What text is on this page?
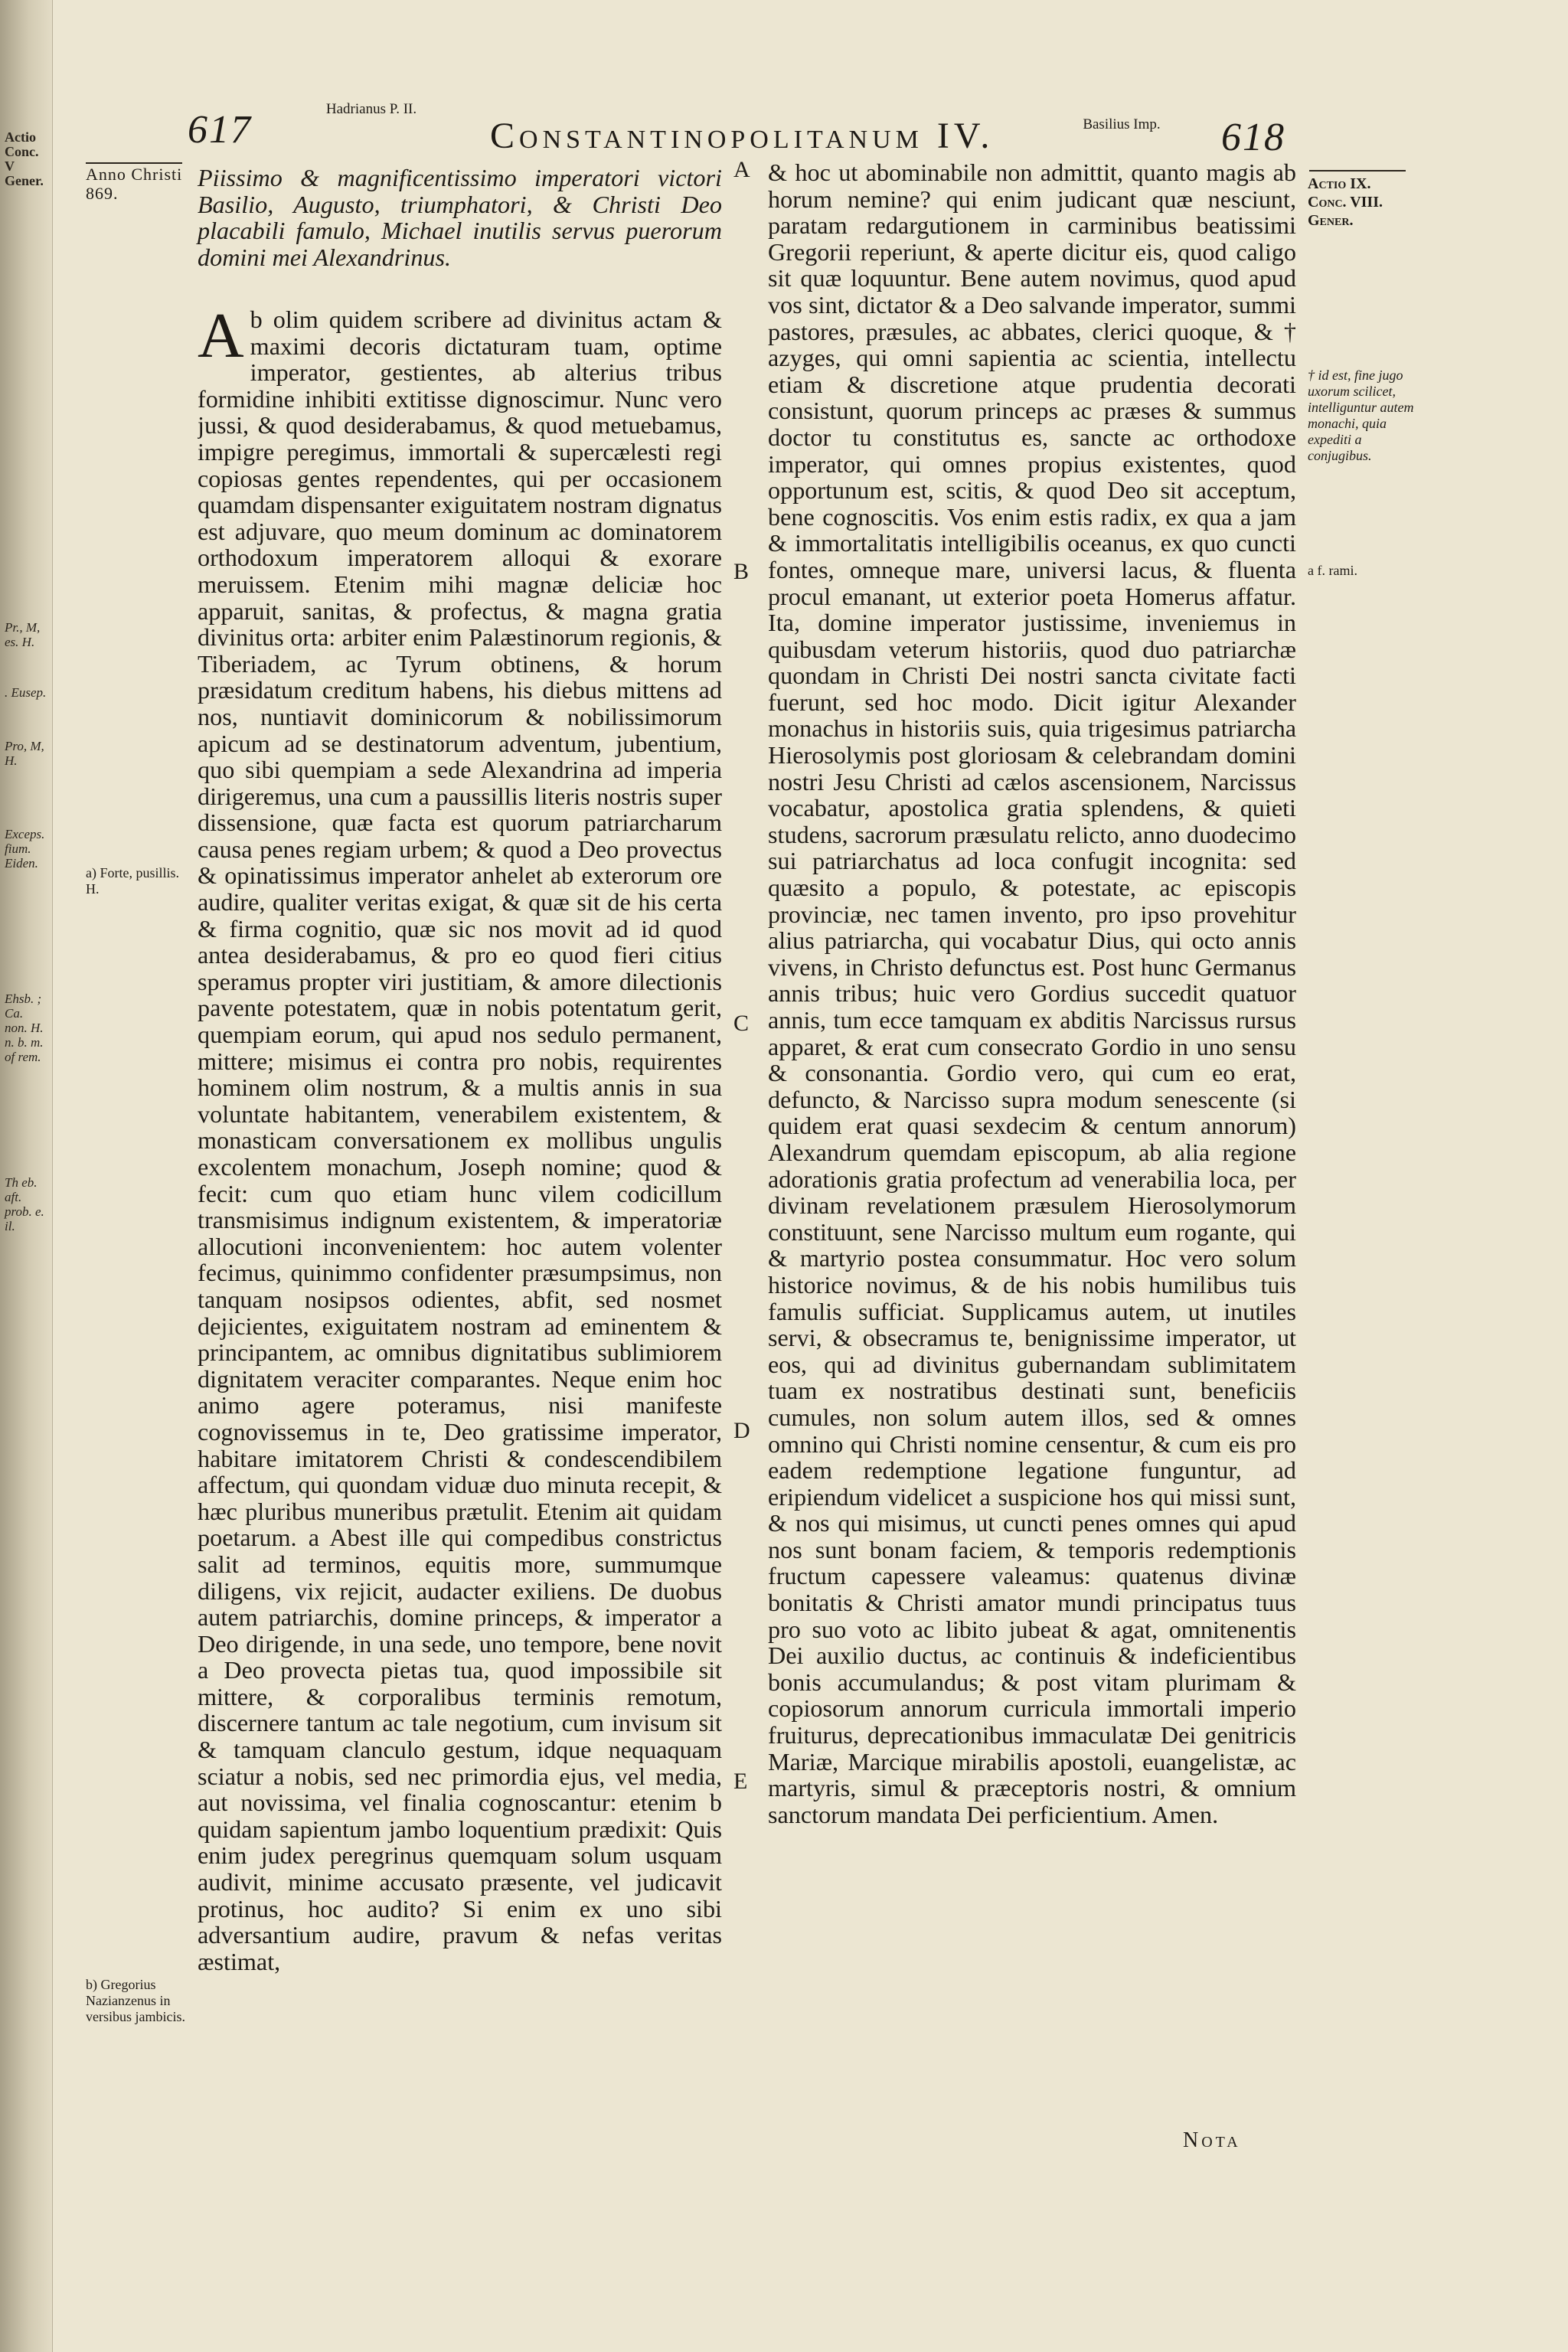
Actio Conc. V Gener.
Pr., M, es. H.
. Eusep.
Pro, M, H.
Exceps. fium. Eiden.
Ehsb. ; Ca. non. H. n. b. m. of rem.
Th eb. aft. prob. e. il.
617	Hadrianus P. II.
Constantinopolitanum IV.	Basilius Imp. 618
Anno Christi 869.	Actio IX. Conc. VIII. Gener.

Piissimo & magnificentissimo imperatori victori Basilio, Augusto, triumphatori, & Christi Deo placabili famulo, Michael inutilis servus puerorum domini mei Alexandrinus.

Ab olim quidem scribere ad divinitus actam & maximi decoris dictaturam tuam, optime imperator, gestientes, ab alterius tribus formidine inhibiti extitisse dignoscimur. Nunc vero jussi, & quod desiderabamus, & quod metuebamus, impigre peregimus, immortali & supercælesti regi copiosas gentes rependentes, qui per occasionem quamdam dispensanter exiguitatem nostram dignatus est adjuvare, quo meum dominum ac dominatorem orthodoxum imperatorem alloqui & exorare meruissem. Etenim mihi magnæ deliciæ hoc apparuit, sanitas, & profectus, & magna gratia divinitus orta: arbiter enim Palæstinorum regionis, & Tiberiadem, ac Tyrum obtinens, & horum præsidatum creditum habens, his diebus mittens ad nos, nuntiavit dominicorum & nobilissimorum apicum ad se destinatorum adventum, jubentium, quo sibi quempiam a sede Alexandrina ad imperia dirigeremus, una cum a paussillis literis nostris super dissensione, quæ facta est quorum patriarcharum causa penes regiam urbem; & quod a Deo provectus & opinatissimus imperator anhelet ab exterorum ore audire, qualiter veritas exigat, & quæ sit de his certa & firma cognitio, quæ sic nos movit ad id quod antea desiderabamus, & pro eo quod fieri citius speramus propter viri justitiam, & amore dilectionis pavente potestatem, quæ in nobis potentatum gerit, quempiam eorum, qui apud nos sedulo permanent, mittere; misimus ei contra pro nobis, requirentes hominem olim nostrum, & a multis annis in sua voluntate habitantem, venerabilem existentem, & monasticam conversationem ex mollibus ungulis excolentem monachum, Joseph nomine; quod & fecit: cum quo etiam hunc vilem codicillum transmisimus indignum existentem, & imperatoriæ allocutioni inconvenientem: hoc autem volenter fecimus, quinimmo confidenter præsumpsimus, non tanquam nosipsos odientes, abfit, sed nosmet dejicientes, exiguitatem nostram ad eminentem & principantem, ac omnibus dignitatibus sublimiorem dignitatem veraciter comparantes. Neque enim hoc animo agere poteramus, nisi manifeste cognovissemus in te, Deo gratissime imperator, habitare imitatorem Christi & condescendibilem affectum, qui quondam viduæ duo minuta recepit, & hæc pluribus muneribus prætulit. Etenim ait quidam poetarum. a Abest ille qui compedibus constrictus salit ad terminos, equitis more, summumque diligens, vix rejicit, audacter exiliens. De duobus autem patriarchis, domine princeps, & imperator a Deo dirigende, in una sede, uno tempore, bene novit a Deo provecta pietas tua, quod impossibile sit mittere, & corporalibus terminis remotum, discernere tantum ac tale negotium, cum invisum sit & tamquam clanculo gestum, idque nequaquam sciatur a nobis, sed nec primordia ejus, vel media, aut novissima, vel finalia cognoscantur: etenim b quidam sapientum jambo loquentium prædixit: Quis enim judex peregrinus quemquam solum usquam audivit, minime accusato præsente, vel judicavit protinus, hoc audito? Si enim ex uno sibi adversantium audire, pravum & nefas veritas æstimat,

a) Forte, pusillis. H.
b) Gregorius Nazianzenus in versibus jambicis.
A
B
C
D
E

& hoc ut abominabile non admittit, quanto magis ab horum nemine? qui enim judicant quæ nesciunt, paratam redargutionem in carminibus beatissimi Gregorii reperiunt, & aperte dicitur eis, quod caligo sit quæ loquuntur. Bene autem novimus, quod apud vos sint, dictator & a Deo salvande imperator, summi pastores, præsules, ac abbates, clerici quoque, & † azyges, qui omni sapientia ac scientia, intellectu etiam & discretione atque prudentia decorati consistunt, quorum princeps ac præses & summus doctor tu constitutus es, sancte ac orthodoxe imperator, qui omnes propius existentes, quod opportunum est, scitis, & quod Deo sit acceptum, bene cognoscitis. Vos enim estis radix, ex qua a jam & immortalitatis intelligibilis oceanus, ex quo cuncti fontes, omneque mare, universi lacus, & fluenta procul emanant, ut exterior poeta Homerus affatur. Ita, domine imperator justissime, inveniemus in quibusdam veterum historiis, quod duo patriarchæ quondam in Christi Dei nostri sancta civitate facti fuerunt, sed hoc modo. Dicit igitur Alexander monachus in historiis suis, quia trigesimus patriarcha Hierosolymis post gloriosam & celebrandam domini nostri Jesu Christi ad cælos ascensionem, Narcissus vocabatur, apostolica gratia splendens, & quieti studens, sacrorum præsulatu relicto, anno duodecimo sui patriarchatus ad loca confugit incognita: sed quæsito a populo, & potestate, ac episcopis provinciæ, nec tamen invento, pro ipso provehitur alius patriarcha, qui vocabatur Dius, qui octo annis vivens, in Christo defunctus est. Post hunc Germanus annis tribus; huic vero Gordius succedit quatuor annis, tum ecce tamquam ex abditis Narcissus rursus apparet, & erat cum consecrato Gordio in uno sensu & consonantia. Gordio vero, qui cum eo erat, defuncto, & Narcisso supra modum senescente (si quidem erat quasi sexdecim & centum annorum) Alexandrum quemdam episcopum, ab alia regione adorationis gratia profectum ad venerabilia loca, per divinam revelationem præsulem Hierosolymorum constituunt, sene Narcisso multum eum rogante, qui & martyrio postea consummatur. Hoc vero solum historice novimus, & de his nobis humilibus tuis famulis sufficiat. Supplicamus autem, ut inutiles servi, & obsecramus te, benignissime imperator, ut eos, qui ad divinitus gubernandam sublimitatem tuam ex nostratibus destinati sunt, beneficiis cumules, non solum autem illos, sed & omnes omnino qui Christi nomine censentur, & cum eis pro eadem redemptione legatione funguntur, ad eripiendum videlicet a suspicione hos qui missi sunt, & nos qui misimus, ut cuncti penes omnes qui apud nos sunt bonam faciem, & temporis redemptionis fructum capessere valeamus: quatenus divinæ bonitatis & Christi amator mundi principatus tuus pro suo voto ac libito jubeat & agat, omnitenentis Dei auxilio ductus, ac continuis & indeficientibus bonis accumulandus; & post vitam plurimam & copiosorum annorum curricula immortali imperio fruiturus, deprecationibus immaculatæ Dei genitricis Mariæ, Marcique mirabilis apostoli, euangelistæ, ac martyris, simul & præceptoris nostri, & omnium sanctorum mandata Dei perficientium. Amen.

† id est, fine jugo uxorum scilicet, intelliguntur autem monachi, quia expediti a conjugibus.
a f. rami.
Nota
